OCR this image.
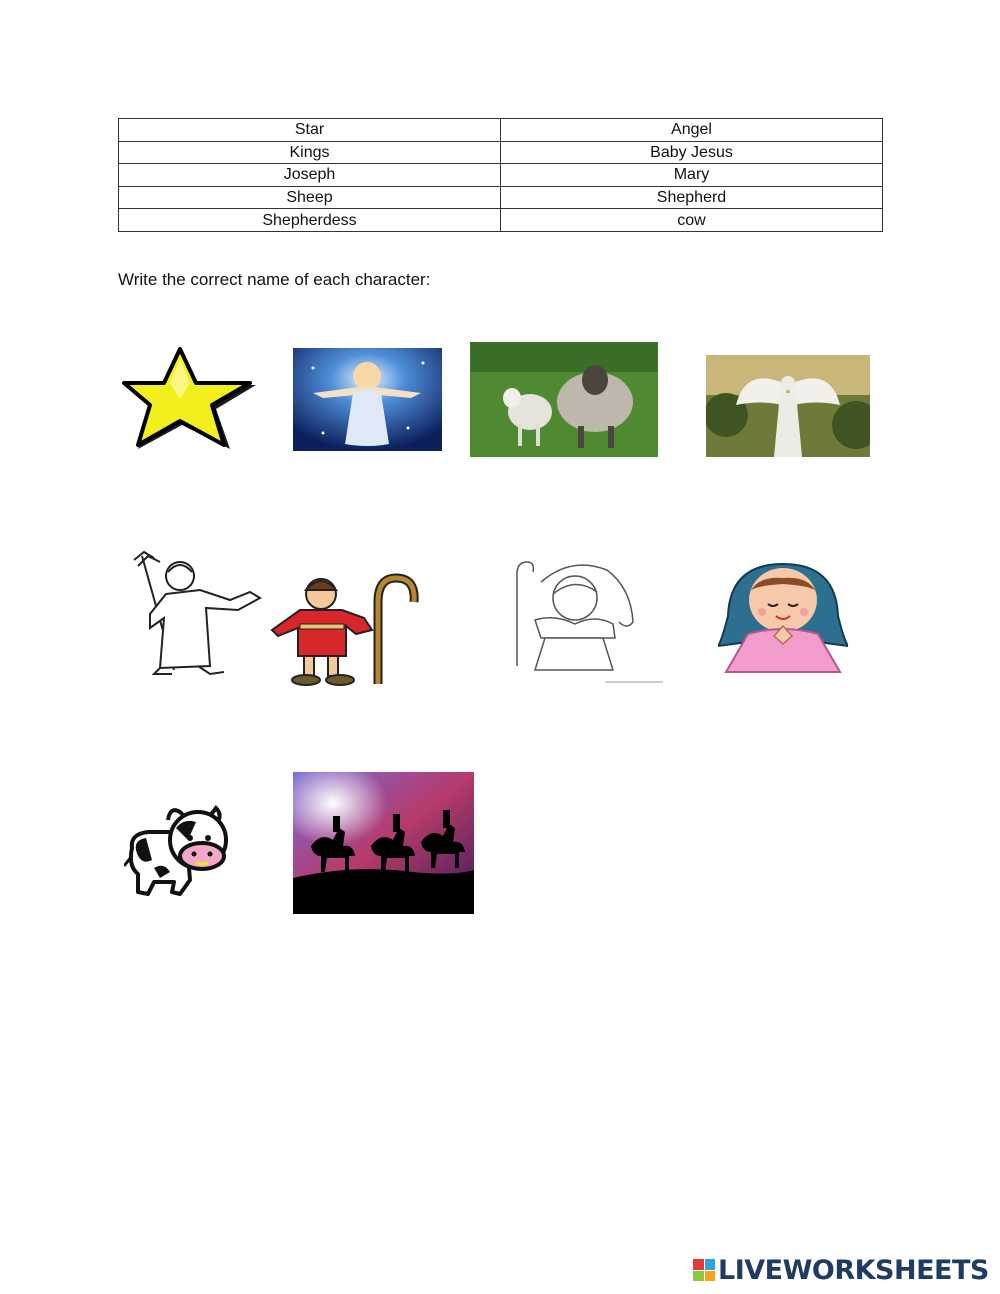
Star	Angel
Kings	Baby Jesus
Joseph	Mary
Sheep	Shepherd
Shepherdess	cow
Write the correct name of each character:
LIVEWORKSHEETS
